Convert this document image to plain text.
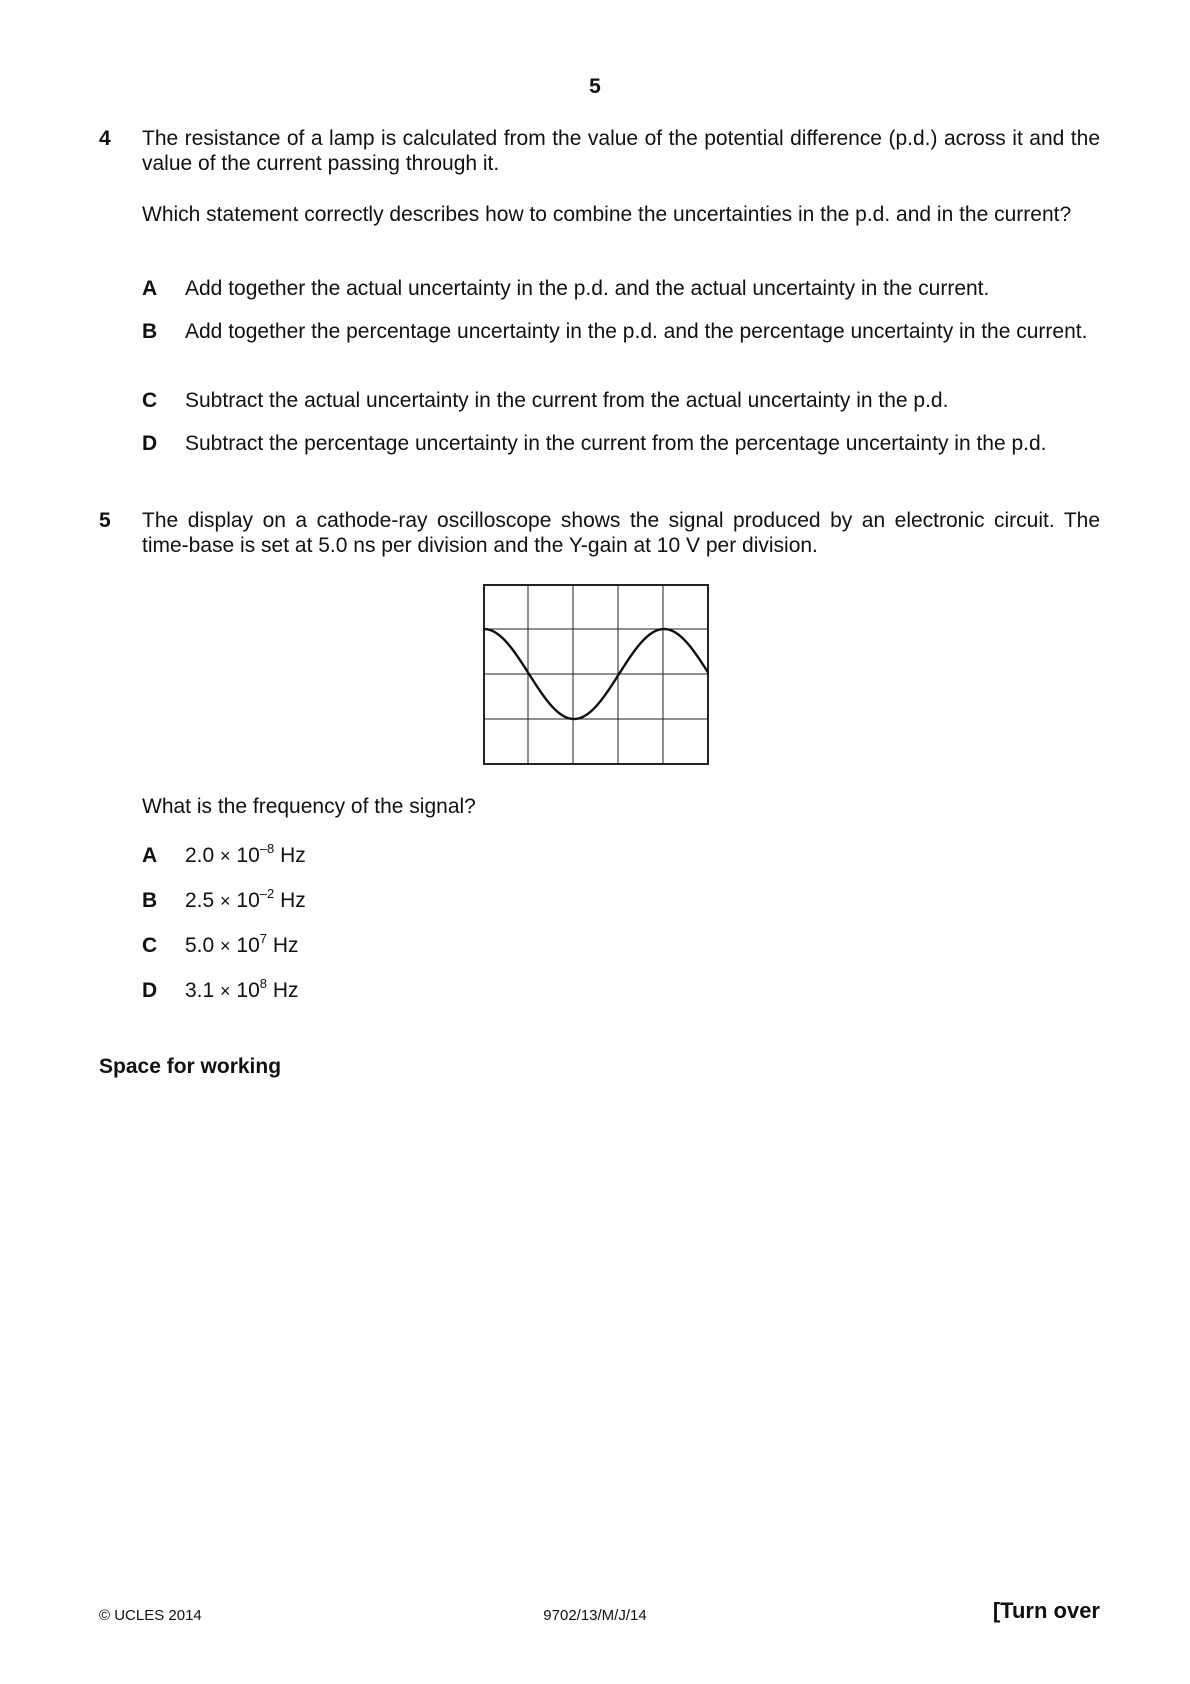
5
4 The resistance of a lamp is calculated from the value of the potential difference (p.d.) across it and the value of the current passing through it.
Which statement correctly describes how to combine the uncertainties in the p.d. and in the current?
A Add together the actual uncertainty in the p.d. and the actual uncertainty in the current.
B Add together the percentage uncertainty in the p.d. and the percentage uncertainty in the current.
C Subtract the actual uncertainty in the current from the actual uncertainty in the p.d.
D Subtract the percentage uncertainty in the current from the percentage uncertainty in the p.d.
5 The display on a cathode-ray oscilloscope shows the signal produced by an electronic circuit. The time-base is set at 5.0 ns per division and the Y-gain at 10 V per division.
What is the frequency of the signal?
A $2.0 \times 10^{-8}$ Hz
B $2.5 \times 10^{-2}$ Hz
C $5.0 \times 10^7$ Hz
D $3.1 \times 10^8$ Hz
Space for working
© UCLES 2014	9702/13/M/J/14	[Turn over
